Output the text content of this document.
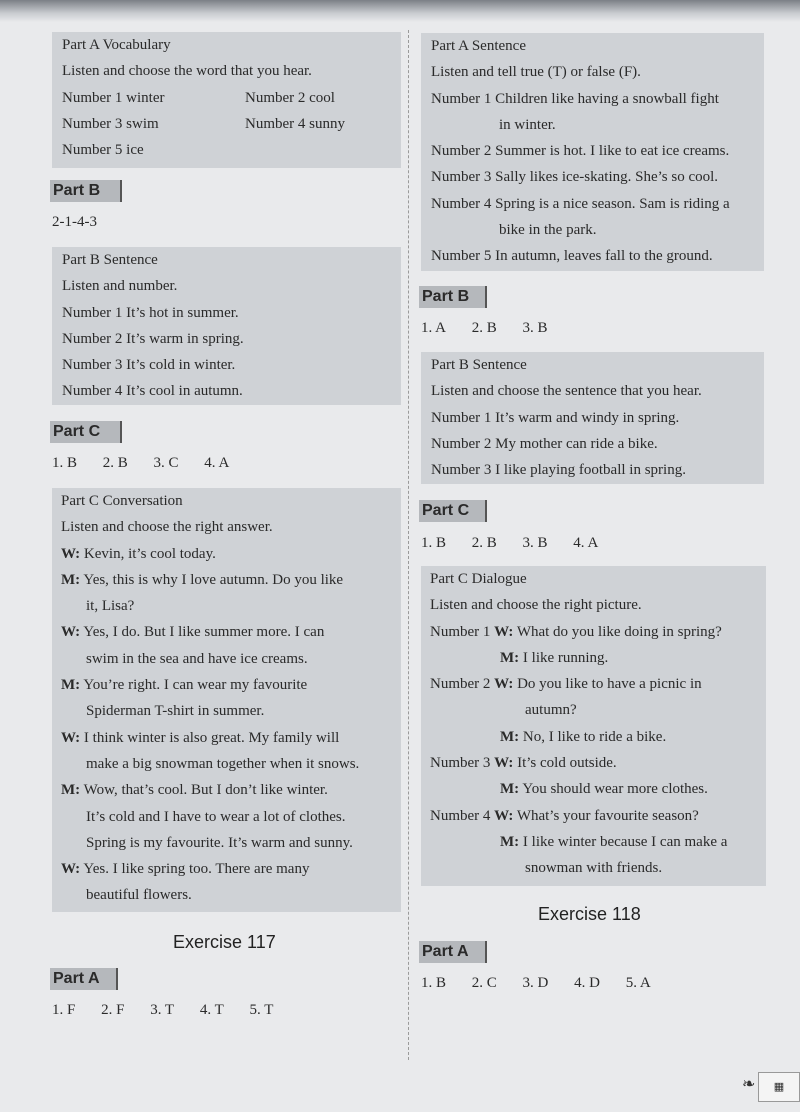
Part A Vocabulary
Listen and choose the word that you hear.
Number 1 winter	Number 2 cool
Number 3 swim	Number 4 sunny
Number 5 ice
Part B
2-1-4-3
Part B Sentence
Listen and number.
Number 1 It’s hot in summer.
Number 2 It’s warm in spring.
Number 3 It’s cold in winter.
Number 4 It’s cool in autumn.
Part C
1. B 2. B 3. C 4. A
Part C Conversation
Listen and choose the right answer.
W: Kevin, it’s cool today.
M: Yes, this is why I love autumn. Do you like
it, Lisa?
W: Yes, I do. But I like summer more. I can
swim in the sea and have ice creams.
M: You’re right. I can wear my favourite
Spiderman T-shirt in summer.
W: I think winter is also great. My family will
make a big snowman together when it snows.
M: Wow, that’s cool. But I don’t like winter.
It’s cold and I have to wear a lot of clothes.
Spring is my favourite. It’s warm and sunny.
W: Yes. I like spring too. There are many
beautiful flowers.
Exercise 117
Part A
1. F 2. F 3. T 4. T 5. T
Part A Sentence
Listen and tell true (T) or false (F).
Number 1 Children like having a snowball fight
in winter.
Number 2 Summer is hot. I like to eat ice creams.
Number 3 Sally likes ice-skating. She’s so cool.
Number 4 Spring is a nice season. Sam is riding a
bike in the park.
Number 5 In autumn, leaves fall to the ground.
Part B
1. A 2. B 3. B
Part B Sentence
Listen and choose the sentence that you hear.
Number 1 It’s warm and windy in spring.
Number 2 My mother can ride a bike.
Number 3 I like playing football in spring.
Part C
1. B 2. B 3. B 4. A
Part C Dialogue
Listen and choose the right picture.
Number 1 W: What do you like doing in spring?
M: I like running.
Number 2 W: Do you like to have a picnic in
autumn?
M: No, I like to ride a bike.
Number 3 W: It’s cold outside.
M: You should wear more clothes.
Number 4 W: What’s your favourite season?
M: I like winter because I can make a
snowman with friends.
Exercise 118
Part A
1. B 2. C 3. D 4. D 5. A
❧	▦
